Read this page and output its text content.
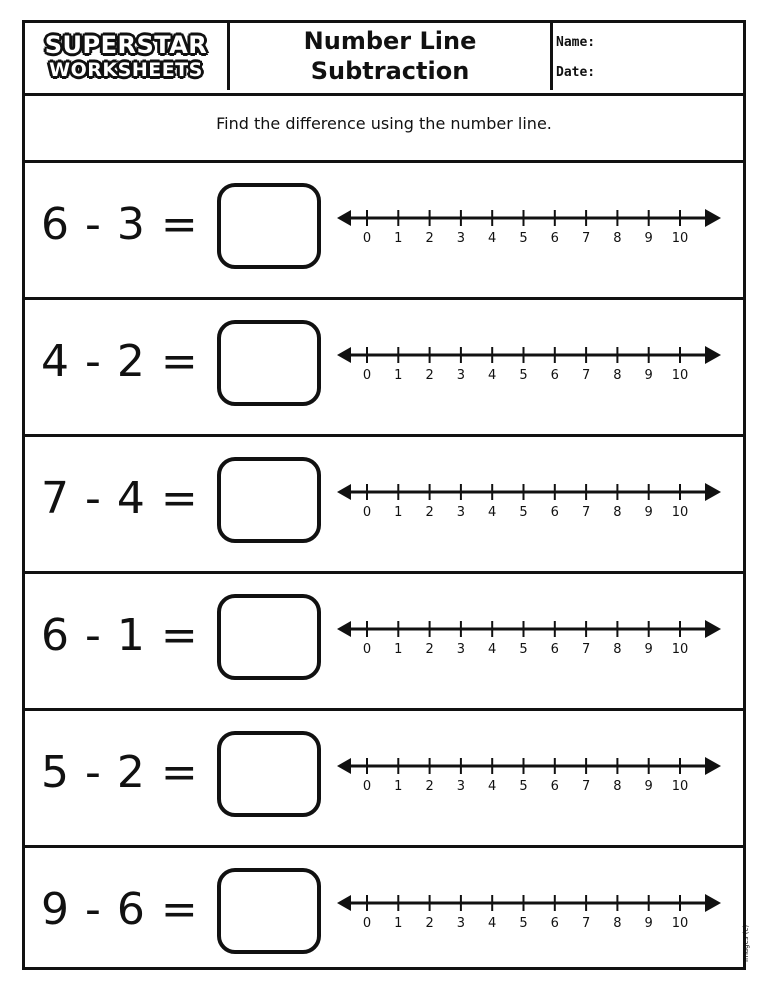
SUPERSTAR
WORKSHEETS
Number Line
Subtraction
Name:
Date:
Find the difference using the number line.
6 - 3 =	0 1 2 3 4 5 6 7 8 9 10
4 - 2 =	0 1 2 3 4 5 6 7 8 9 10
7 - 4 =	0 1 2 3 4 5 6 7 8 9 10
6 - 1 =	0 1 2 3 4 5 6 7 8 9 10
5 - 2 =	0 1 2 3 4 5 6 7 8 9 10
9 - 6 =	0 1 2 3 4 5 6 7 8 9 10
Images (c)
